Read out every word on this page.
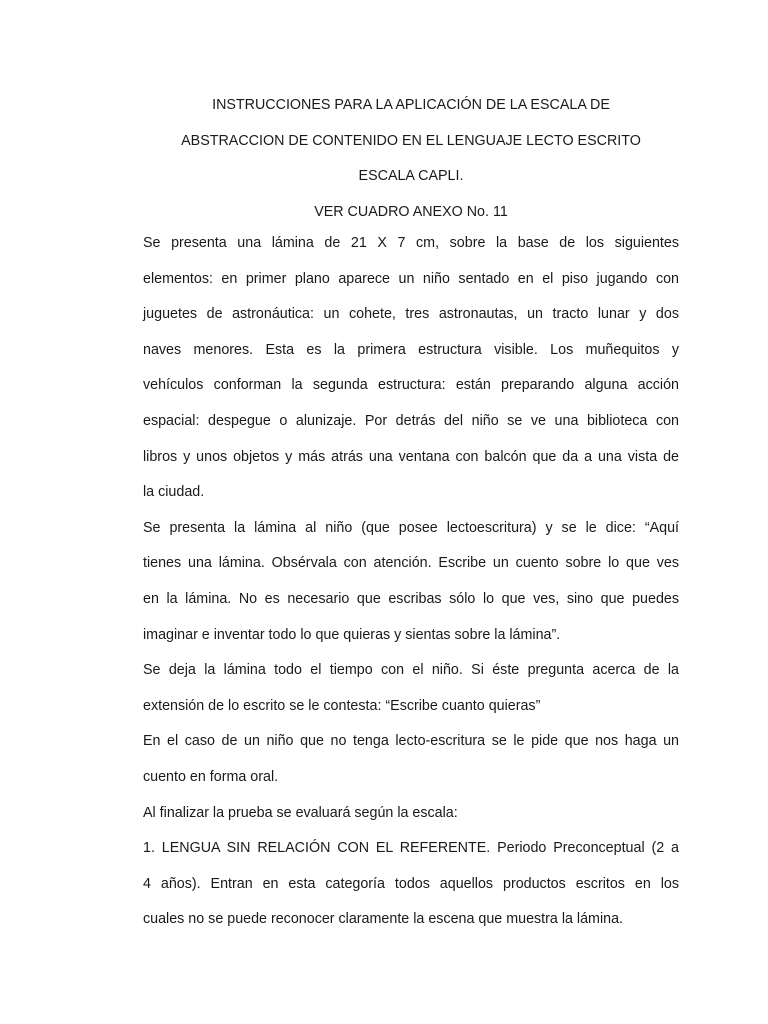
INSTRUCCIONES PARA LA APLICACIÓN DE LA ESCALA DE
ABSTRACCION DE CONTENIDO EN EL LENGUAJE LECTO ESCRITO
ESCALA CAPLI.
VER CUADRO ANEXO No. 11
Se presenta una lámina de 21 X 7 cm, sobre la base de los siguientes
elementos: en primer plano aparece un niño sentado en el piso jugando con
juguetes de astronáutica: un cohete, tres astronautas, un tracto lunar y dos
naves menores. Esta es la primera estructura visible. Los muñequitos y
vehículos conforman la segunda estructura: están preparando alguna acción
espacial: despegue o alunizaje. Por detrás del niño se ve una biblioteca con
libros y unos objetos y más atrás una ventana con balcón que da a una vista de
la ciudad.
Se presenta la lámina al niño (que posee lectoescritura) y se le dice: “Aquí
tienes una lámina. Obsérvala con atención. Escribe un cuento sobre lo que ves
en la lámina. No es necesario que escribas sólo lo que ves, sino que puedes
imaginar e inventar todo lo que quieras y sientas sobre la lámina”.
Se deja la lámina todo el tiempo con el niño. Si éste pregunta acerca de la
extensión de lo escrito se le contesta: “Escribe cuanto quieras”
En el caso de un niño que no tenga lecto-escritura se le pide que nos haga un
cuento en forma oral.
Al finalizar la prueba se evaluará según la escala:
1. LENGUA SIN RELACIÓN CON EL REFERENTE. Periodo Preconceptual (2 a
4 años). Entran en esta categoría todos aquellos productos escritos en los
cuales no se puede reconocer claramente la escena que muestra la lámina.
